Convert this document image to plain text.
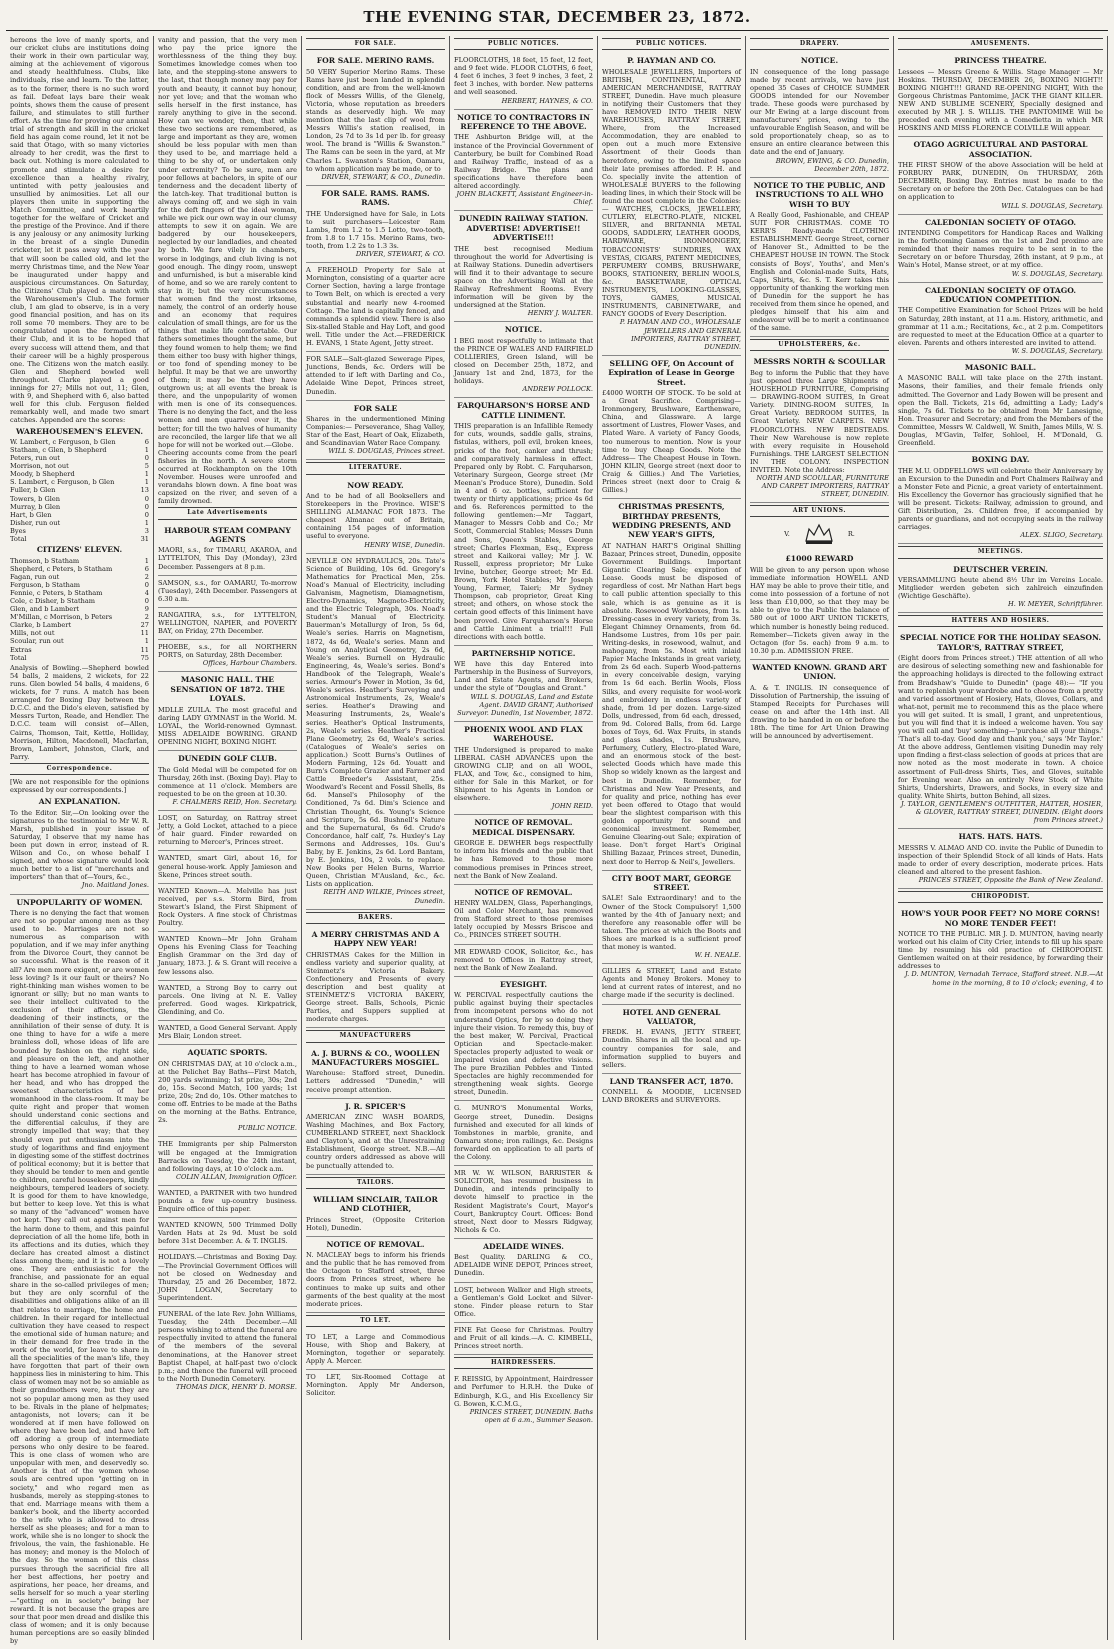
THE EVENING STAR, DECEMBER 23, 1872.
hereons the love of manly sports, and our cricket clubs are institutions doing their work in their own particular way, aiming at the achievement of vigorous and steady healthfulness. Clubs, like individuals, rise and learn. To the latter, as to the former, there is no such word as fail. Defeat lays bare their weak points, shows them the cause of present failure, and stimulates to still further effort. As the time for proving our annual trial of strength and skill in the cricket field has again come round, let it not be said that Otago, with so many victories already to her credit, was the first to back out. Nothing is more calculated to promote and stimulate a desire for excellence than a healthy rivalry, untinted with petty jealousies and unsullied by animosities. Let all our players then unite in supporting the Match Committee, and work heartily together for the welfare of Cricket and the prestige of the Province. And if there is any jealousy or any animosity lurking in the breast of a single Dunedin cricketer, let it pass away with the year that will soon be called old, and let the merry Christmas time, and the New Year be inaugurated under happy and auspicious circumstances. On Saturday, the Citizens' Club played a match with the Warehousemen's Club. The former club, I am glad to observe, is in a very good financial position, and has on its roll some 70 members. They are to be congratulated upon the formation of their Club, and it is to be hoped that every success will attend them, and that their career will be a highly prosperous one. The Citizens won the match easily. Glen and Shepherd bowled well throughout. Clarke played a good innings for 27; Mills not out, 11; Glen, with 9, and Shepherd with 6, also batted well for this club. Ferguson fielded remarkably well, and made two smart catches. Appended are the scores:
WAREHOUSEMEN'S ELEVEN.
W. Lambert, c Ferguson, b Glen	6
Statham, c Glen, b Shepherd	1
Peters, run out	0
Morrison, not out	5
Moody, b Shepherd	1
S. Lambert, c Ferguson, b Glen	1
Fuller, b Glen	13
Towers, b Glen	0
Murray, b Glen	0
Hart, b Glen	0
Disher, run out	1
Byes	3
Total	31
CITIZENS' ELEVEN.
Thomson, b Statham	1
Shepherd, c Peters, b Statham	6
Fagan, run out	2
Ferguson, b Statham	0
Fennie, c Peters, b Statham	4
Cole, c Disher, b Statham	0
Glen, and b Lambert	9
M'Millan, c Morrison, b Peters	2
Clarke, b Lambert	27
Mills, not out	11
Scoular, run out	1
Extras	11
Total	75
Analysis of Bowling.—Shepherd bowled 54 balls, 2 maidens, 2 wickets, for 22 runs. Glen bowled 54 balls, 4 maidens, 6 wickets, for 7 runs. A match has been arranged for Boxing Day between the D.C.C. and the Dido's eleven, satisfied by Messrs Turton, Reade, and Hendler. The D.C.C. team will consist of—Allen, Cairns, Thomson, Tait, Kettle, Holliday, Morrison, Hilton, Macdonell, Macfarlan, Brown, Lambert, Johnston, Clark, and Parry.
Correspondence.
[We are not responsible for the opinions expressed by our correspondents.]
AN EXPLANATION.
To the Editor. Sir,—On looking over the signatures to the testimonial to Mr W. R. Marsh, published in your issue of Saturday, I observe that my name has been put down in error, instead of R. Wilson and Co., on whose behalf I signed, and whose signature would look much better to a list of "merchants and importers" than that of—Yours, &c.,
Jno. Maitland Jones.
UNPOPULARITY OF WOMEN.
There is no denying the fact that women are not so popular among men as they used to be. Marriages are not so numerous as comparison with population, and if we may infer anything from the Divorce Court, they cannot be so successful. What is the reason of it all? Are men more exigent, or are women less loving? Is it our fault or theirs? No right-thinking man wishes women to be ignorant or silly; but no man wants to see their intellect cultivated to the exclusion of their affections, the deadening of their instincts, or the annihilation of their sense of duty. It is one thing to have for a wife a mere brainless doll, whose ideas of life are bounded by fashion on the right side, and pleasure on the left, and another thing to have a learned woman whose heart has become atrophied in favour of her head, and who has dropped the sweetest characteristics of her womanhood in the class-room. It may be quite right and proper that women should understand conic sections and the differential calculus, if they are strongly impelled that way; that they should even put enthusiasm into the study of logarithms and find enjoyment in digesting some of the stiffest doctrines of political economy; but it is better that they should be tender to men and gentle to children, careful housekeepers, kindly neighbours, tempered leaders of society. It is good for them to have knowledge, but better to keep love. Yet this is what so many of the "advanced" women have not kept. They call out against men for the harm done to them, and this painful depreciation of all the home life, both in its affections and its duties, which they declare has created almost a distinct class among them; and it is not a lovely one. They are enthusiastic for the franchise, and passionate for an equal share in the so-called privileges of men; but they are only scornful of the disabilities and obligations alike of an ill that relates to marriage, the home and children. In their regard for intellectual cultivation they have ceased to respect the emotional side of human nature; and in their demand for free trade in the work of the world, for leave to share in all the specialities of the man's life, they have forgotten that part of their own happiness lies in ministering to him. This class of women may not be so amiable as their grandmothers were, but they are not so popular among men as they used to be. Rivals in the plane of helpmates; antagonists, not lovers; can it be wondered at if men have followed on where they have been led, and have left off adoring a group of intermediate persons who only desire to be feared. This is one class of women who are unpopular with men, and deservedly so. Another is that of the women whose souls are centred upon "getting on in society," and who regard men as husbands, merely as stepping-stones to that end. Marriage means with them a banker's book, and the liberty accorded to the wife who is allowed to dress herself as she pleases; and for a man to work, while she is no longer to shock the frivolous, the vain, the fashionable. He has money; and money is the Moloch of the day. So the woman of this class pursues through the sacrificial fire all her best affections, her poetry and aspirations, her peace, her dreams, and sells herself for so much a year sterling—"getting on in society" being her reward. It is not because the grapes are sour that poor men dread and dislike this class of women; and it is only because human perceptions are so easily blinded by
vanity and passion, that the very men who pay the price ignore the worthlessness of the thing they buy. Sometimes knowledge comes when too late, and the stepping-stone answers to the last, that though money may pay for youth and beauty, it cannot buy honour, nor yet love; and that the woman who sells herself in the first instance, has rarely anything to give in the second. How can we wonder, then, that while these two sections are remembered, as large and important as they are, women should be less popular with men than they used to be, and marriage held a thing to be shy of, or undertaken only under extremity? To be sure, men are poor fellows at bachelors, in spite of our tenderness and the decadent liberty of the latch-key. That traditional button is always coming off, and we sigh in vain for the deft fingers of the ideal woman, while we pick our own way in our clumsy attempts to sew it on again. We are badgered by our housekeepers, neglected by our landladies, and cheated by both. We fare vilely in chambers, worse in lodgings, and club living is not good enough. The dingy room, unswept and unfurnished, is but a miserable kind of home, and so we are rarely content to stay in it; but the very circumstances that women find the most irksome, namely, the control of an orderly house and an economy that requires calculation of small things, are for us the things that make life comfortable. Our fathers sometimes thought the same, but they found women to help them; we find them either too busy with higher things, or too fond of spending money to be helpful. It may be that we are unworthy of them; it may be that they have outgrown us; at all events the break is there, and the unpopularity of women with men is one of its consequences. There is no denying the fact, and the less women and men quarrel over it, the better; for till the two halves of humanity are reconciled, the larger life that we all hope for will not be worked out.—Globe.
Cheering accounts come from the pearl fisheries in the north. A severe storm occurred at Rockhampton on the 10th November. Houses were unroofed and verandahs blown down. A fine boat was capsized on the river, and seven of a family drowned.
Late Advertisements
HARBOUR STEAM COMPANY AGENTS
MAORI, s.s., for TIMARU, AKAROA, and LYTTELTON, This Day (Monday), 23rd December. Passengers at 8 p.m.
SAMSON, s.s., for OAMARU, To-morrow (Tuesday), 24th December. Passengers at 6.30 a.m.
RANGATIRA, s.s., for LYTTELTON, WELLINGTON, NAPIER, and POVERTY BAY, on Friday, 27th December.
PHOEBE, s.s., for all NORTHERN PORTS, on Saturday, 28th December.
Offices, Harbour Chambers.
MASONIC HALL. THE SENSATION OF 1872. THE LOYALS.
MDLLE ZUILA. The most graceful and daring LADY GYMNAST in the World. M. LOYAL, the World-renowned Gymnast. MISS ADELAIDE BOWRING. GRAND OPENING NIGHT, BOXING NIGHT.
DUNEDIN GOLF CLUB.
The Gold Medal will be competed for on Thursday, 26th inst. (Boxing Day). Play to commence at 11 o'clock. Members are requested to be on the green at 10.30.
F. CHALMERS REID, Hon. Secretary.
LOST, on Saturday, on Rattray street Jetty, a Gold Locket, attached to a piece of hair guard. Finder rewarded on returning to Mercer's, Princes street.
WANTED, smart Girl, about 16, for general house-work. Apply Jamieson and Skene, Princes street south.
WANTED Known—A. Melville has just received, per s.s. Storm Bird, from Stewart's Island, the First Shipment of Rock Oysters. A fine stock of Christmas Poultry.
WANTED Known—Mr John Graham Opens his Evening Class for Teaching English Grammar on the 3rd day of January, 1873. J. & S. Grant will receive a few lessons also.
WANTED, a Strong Boy to carry out parcels. One living at N. E. Valley preferred. Good wages. Kirkpatrick, Glendining, and Co.
WANTED, a Good General Servant. Apply Mrs Blair, London street.
AQUATIC SPORTS.
ON CHRISTMAS DAY, at 10 o'clock a.m., at the Pelichet Bay Baths—First Match, 200 yards swimming; 1st prize, 30s; 2nd do, 15s. Second Match, 100 yards; 1st prize, 20s; 2nd do, 10s. Other matches to come off. Entries to be made at the Baths on the morning at the Baths. Entrance, 2s.
PUBLIC NOTICE.
THE Immigrants per ship Palmerston will be engaged at the Immigration Barracks on Tuesday, the 24th instant, and following days, at 10 o'clock a.m.
COLIN ALLAN, Immigration Officer.
WANTED, a PARTNER with two hundred pounds a few up-country business. Enquire office of this paper.
WANTED KNOWN, 500 Trimmed Dolly Varden Hats at 2s 9d. Must be sold before 31st December. A. & T. INGLIS.
HOLIDAYS.—Christmas and Boxing Day.—The Provincial Government Offices will not be closed on Wednesday and Thursday, 25 and 26 December, 1872. JOHN LOGAN, Secretary to Superintendent.
FUNERAL of the late Rev. John Williams, Tuesday, the 24th December.—All persons wishing to attend the funeral are respectfully invited to attend the funeral of the members of the several denominations, at the Hanover street Baptist Chapel, at half-past two o'clock p.m.; and thence the funeral will proceed to the North Dunedin Cemetery.
THOMAS DICK, HENRY D. MORSE.
FOR SALE.
FOR SALE. MERINO RAMS.
50 VERY Superior Merino Rams. These Rams have just been landed in splendid condition, and are from the well-known flock of Messrs Willis, of the Glenelg, Victoria, whose reputation as breeders stands as deservedly high. We may mention that the last clip of wool from Messrs Willis's station realised, in London, 2s 7d to 3s 1d per lb. for greasy wool. The brand is "Willis & Swanston." The Rams can be seen in the yard, at Mr Charles L. Swanston's Station, Oamaru, to whom application may be made, or to
DRIVER, STEWART, & CO., Dunedin.
FOR SALE. RAMS. RAMS. RAMS.
THE Undersigned have for Sale, in Lots to suit purchasers—Leicester Ram Lambs, from 1.2 to 1.5 Lotto, two-tooth, from 1.8 to 1.7 15s. Merino Rams, two-tooth, from 1.2 2s to 1.3 3s.
DRIVER, STEWART, & CO.
A FREEHOLD Property for Sale at Mornington, consisting of a quarter acre Corner Section, having a large frontage to Town Belt, on which is erected a very substantial and nearly new 4-roomed Cottage. The land is capitally fenced, and commands a splendid view. There is also Six-stalled Stable and Hay Loft, and good well. Title under the Act.—FREDERICK H. EVANS, 1 State Agent, Jetty street.
FOR SALE—Salt-glazed Sewerage Pipes, Junctions, Bends, &c. Orders will be attended to if left with Darling and Co., Adelaide Wine Depot, Princes street, Dunedin.
FOR SALE
Shares in the undermentioned Mining Companies:— Perseverance, Shag Valley, Star of the East, Heart of Oak, Elizabeth, and Scandinavian Water Race Company.
WILL S. DOUGLAS, Princes street.
LITERATURE.
NOW READY.
And to be had of all Booksellers and Storekeepers in the Province. WISE'S SHILLING ALMANAC FOR 1873. The cheapest Almanac out of Britain, containing 154 pages of information useful to everyone.
HENRY WISE, Dunedin.
NEVILLE ON HYDRAULICS, 20s. Tate's Science of Building, 10s 6d. Gregory's Mathematics for Practical Men, 25s. Noad's Manual of Electricity, including Galvanism, Magnetism, Diamagnetism, Electro-Dynamics, Magneto-Electricity, and the Electric Telegraph, 30s. Noad's Student's Manual of Electricity. Bauerman's Metallurgy of Iron, 5s 6d, Weale's series. Harris on Magnetism, 1872, 4s 6d, Weale's series. Mann and Young on Analytical Geometry, 2s 6d, Weale's series. Burnell on Hydraulic Engineering, 4s, Weale's series. Bond's Handbook of the Telegraph, Weale's series. Armour's Power in Motion, 3s 6d, Weale's series. Heather's Surveying and Astronomical Instruments, 2s, Weale's series. Heather's Drawing and Measuring Instruments, 2s, Weale's series. Heather's Optical Instruments, 2s, Weale's series. Heather's Practical Plane Geometry, 2s 6d, Weale's series. (Catalogues of Weale's series on application.) Scott Burns's Outlines of Modern Farming, 12s 6d. Youatt and Burn's Complete Grazier and Farmer and Cattle Breeder's Assistant, 25s. Woodward's Recent and Fossil Shells, 8s 6d. Mansel's Philosophy of the Conditioned, 7s 6d. Dim's Science and Christian Thought, 6s. Young's Science and Scripture, 5s 6d. Bushnell's Nature and the Supernatural, 6s 6d. Crudo's Concordance, half calf, 7s. Huxley's Lay Sermons and Addresses, 10s. Guu's Baby, by E. Jenkins, 2s 6d. Lord Bantam, by E. Jenkins, 10s, 2 vols. to replace. New Books per Helen Burns, Warrior Queen, Christian M'Ausland, &c., &c. Lists on application.
REITH AND WILKIE, Princes street, Dunedin.
BAKERS.
A MERRY CHRISTMAS AND A HAPPY NEW YEAR!
CHRISTMAS Cakes for the Million in endless variety and superior quality, at Steinmetz's Victoria Bakery. Confectionery and Presents of every description and best quality at STEINMETZ'S VICTORIA BAKERY, George street. Balls, Schools, Picnic Parties, and Suppers supplied at moderate charges.
MANUFACTURERS
A. J. BURNS & CO., WOOLLEN MANUFACTURERS MOSGIEL.
Warehouse: Stafford street, Dunedin. Letters addressed "Dunedin," will receive prompt attention.
J. R. SPICER'S
AMERICAN ZINC WASH BOARDS, Washing Machines, and Box Factory, CUMBERLAND STREET, next Shacklock and Clayton's, and at the Unrestraining Establishment, George street. N.B.—All country orders addressed as above will be punctually attended to.
TAILORS.
WILLIAM SINCLAIR, TAILOR AND CLOTHIER,
Princes Street, (Opposite Criterion Hotel), Dunedin.
NOTICE OF REMOVAL.
N. MACLEAY begs to inform his friends and the public that he has removed from the Octagon to Stafford street, three doors from Princes street, where he continues to make up suits and other garments of the best quality at the most moderate prices.
TO LET.
TO LET, a Large and Commodious House, with Shop and Bakery, at Mornington, together or separately. Apply A. Mercer.
TO LET, Six-Roomed Cottage at Mornington. Apply Mr Anderson, Solicitor.
PUBLIC NOTICES.
FLOORCLOTHS, 18 feet, 15 feet, 12 feet, and 9 feet wide. FLOOR CLOTHS, 6 feet, 4 feet 6 inches, 3 feet 9 inches, 3 feet, 2 feet 3 inches, with border. New patterns and well seasoned.
HERBERT, HAYNES, & CO.
NOTICE TO CONTRACTORS IN REFERENCE TO THE ABOVE.
THE Ashburton Bridge will, at the instance of the Provincial Government of Canterbury, be built for Combined Road and Railway Traffic, instead of as a Railway Bridge. The plans and specifications have therefore been altered accordingly.
JOHN BLACKETT, Assistant Engineer-in-Chief.
DUNEDIN RAILWAY STATION. ADVERTISE! ADVERTISE!! ADVERTISE!!!
THE best recognised Medium throughout the world for Advertising is at Railway Stations. Dunedin advertisers will find it to their advantage to secure space on the Advertising Wall at the Railway Refreshment Rooms. Every information will be given by the undersigned at the Station.
HENRY J. WALTER.
NOTICE.
I BEG most respectfully to intimate that the PRINCE OF WALES AND FAIRFIELD COLLIERIES, Green Island, will be closed on December 25th, 1872, and January 1st and 2nd, 1873, for the holidays.
ANDREW POLLOCK.
FARQUHARSON'S HORSE AND CATTLE LINIMENT.
THIS preparation is an Infallible Remedy for cuts, wounds, saddle galls, strains, fistulas, withers, poll evil, broken knees, pricks of the foot, canker and thrush; and comparatively harmless in effect. Prepared only by Robt. C. Farquharson, Veterinary Surgeon, George street (Mr Meenan's Produce Store), Dunedin. Sold in 4 and 6 oz. bottles, sufficient for twenty or thirty applications; price 4s 6d and 6s. References permitted to the following gentlemen:—Mr Taggart, Manager to Messrs Cobb and Co.; Mr Scott, Commercial Stables; Messrs Dunn and Sons, Queen's Stables, George street; Charles Flexman, Esq., Express street and Kaikorai valley; Mr J. W. Russell, express proprietor; Mr Luke Irvine, butcher, George street; Mr Ed. Brown, York Hotel Stables; Mr Joseph Young, Farmer, Taieri; Mr Sydney Thompson, cab proprietor, Great King street; and others, on whose stock the certain good effects of this liniment have been proved. Give Farquharson's Horse and Cattle Liniment a trial!!! Full directions with each bottle.
PARTNERSHIP NOTICE.
WE have this day Entered into Partnership in the Business of Surveyors, Land and Estate Agents, and Brokers, under the style of "Douglas and Grant."
WILL S. DOUGLAS, Land and Estate Agent. DAVID GRANT, Authorised Surveyor. Dunedin, 1st November, 1872.
PHOENIX WOOL AND FLAX WAREHOUSE.
THE Undersigned is prepared to make LIBERAL CASH ADVANCES upon the GROWING CLIP, and on all WOOL, FLAX, and Tow, &c., consigned to him, either for Sale in this Market, or for Shipment to his Agents in London or elsewhere.
JOHN REID.
NOTICE OF REMOVAL. MEDICAL DISPENSARY.
GEORGE E. DEWHER begs respectfully to inform his friends and the public that he has Removed to those more commodious premises in Princes street, next the Bank of New Zealand.
NOTICE OF REMOVAL.
HENRY WALDEN, Glass, Paperhangings, Oil and Color Merchant, has removed from Stafford street to those premises lately occupied by Messrs Briscoe and Co., PRINCES STREET SOUTH.
MR EDWARD COOK, Solicitor, &c., has removed to Offices in Rattray street, next the Bank of New Zealand.
EYESIGHT.
W. PERCIVAL respectfully cautions the public against buying their spectacles from incompetent persons who do not understand Optics, for by so doing they injure their vision. To remedy this, buy of the best maker, W. Percival, Practical Optician and Spectacle-maker. Spectacles properly adjusted to weak or impaired vision and defective visions. The pure Brazilian Pebbles and Tinted Spectacles are highly recommended for strengthening weak sights. George street, Dunedin.
G. MUNRO'S Monumental Works, George street, Dunedin. Designs furnished and executed for all kinds of Tombstones in marble, granite, and Oamaru stone; iron railings, &c. Designs forwarded on application to all parts of the Colony.
MR W. W. WILSON, BARRISTER & SOLICITOR, has resumed business in Dunedin, and intends principally to devote himself to practice in the Resident Magistrate's Court, Mayor's Court, Bankruptcy Court. Offices: Bond street, Next door to Messrs Ridgway, Nichols & Co.
ADELAIDE WINES.
Best Quality. DARLING & CO., ADELAIDE WINE DEPOT, Princes street, Dunedin.
LOST, between Walker and High streets, a Gentleman's Gold Locket and Silver-stone. Finder please return to Star Office.
FINE Fat Geese for Christmas. Poultry and Fruit of all kinds.—A. C. KIMBELL, Princes street north.
HAIRDRESSERS.
F. REISSIG, by Appointment, Hairdresser and Perfumer to H.R.H. the Duke of Edinburgh, K.G., and His Excellency Sir G. Bowen, K.C.M.G.,
PRINCES STREET, DUNEDIN. Baths open at 6 a.m., Summer Season.
PUBLIC NOTICES.
P. HAYMAN AND CO.
WHOLESALE JEWELLERS, Importers of BRITISH, CONTINENTAL, AND AMERICAN MERCHANDISE, RATTRAY STREET, Dunedin. Have much pleasure in notifying their Customers that they have REMOVED INTO THEIR NEW WAREHOUSES, RATTRAY STREET, Where, from the Increased Accommodation, they are enabled to open out a much more Extensive Assortment of their Goods than heretofore, owing to the limited space their late premises afforded. P. H. and Co. specially invite the attention of WHOLESALE BUYERS to the following leading lines, in which their Stock will be found the most complete in the Colonies:— WATCHES, CLOCKS, JEWELLERY, CUTLERY, ELECTRO-PLATE, NICKEL SILVER, and BRITANNIA METAL GOODS, SADDLERY, LEATHER GOODS, HARDWARE, IRONMONGERY, TOBACCONISTS' SUNDRIES, WAX VESTAS, CIGARS, PATENT MEDICINES, PERFUMERY COMBS, BRUSHWARE, BOOKS, STATIONERY, BERLIN WOOLS, &c. BASKETWARE, OPTICAL INSTRUMENTS, LOOKING-GLASSES, TOYS, GAMES, MUSICAL INSTRUMENTS, CABINETWARE, and FANCY GOODS of Every Description.
P. HAYMAN AND CO., WHOLESALE JEWELLERS AND GENERAL IMPORTERS, RATTRAY STREET, DUNEDIN.
SELLING OFF, On Account of Expiration of Lease in George Street.
£4000 WORTH OF STOCK. To be sold at a Great Sacrifice. Comprising— Ironmongery, Brushware, Earthenware, China, and Glassware. A large assortment of Lustres, Flower Vases, and Plated Ware. A variety of Fancy Goods, too numerous to mention. Now is your time to buy Cheap Goods. Note the Address— The Cheapest House in Town. JOHN KILIN, George street (next door to Craig & Gillies.) And The Varieties, Princes street (next door to Craig & Gillies.)
CHRISTMAS PRESENTS, BIRTHDAY PRESENTS, WEDDING PRESENTS, AND NEW YEAR'S GIFTS,
AT NATHAN HART'S Original Shilling Bazaar, Princes street, Dunedin, opposite Government Buildings. Important Gigantic Clearing Sale; expiration of Lease. Goods must be disposed of regardless of cost. Mr Nathan Hart begs to call public attention specially to this sale, which is as genuine as it is absolute. Rosewood Workboxes, from 1s. Dressing-cases in every variety, from 3s. Elegant Chimney Ornaments, from 6d. Handsome Lustres, from 10s per pair. Writing-desks, in rosewood, walnut, and mahogany, from 5s. Most with inlaid Papier Mache Inkstands in great variety, from 2s 6d each. Superb Wood-patterns in every conceivable design, varying from 1s 6d each. Berlin Wools, Floss Silks, and every requisite for wool-work and embroidery in endless variety of shade, from 1d per dozen. Large-sized Dolls, undressed, from 6d each, dressed, from 9d. Colored Balls, from 6d. Large boxes of Toys, 6d. Wax Fruits, in stands and glass shades, 1s. Brushware, Perfumery, Cutlery, Electro-plated Ware, and an enormous stock of the best-selected Goods which have made this Shop so widely known as the largest and best in Dunedin. Remember, for Christmas and New Year Presents, and for quality and price, nothing has ever yet been offered to Otago that would bear the slightest comparison with this golden opportunity for sound and economical investment. Remember, Genuine Clearing-out Sale; expiration of lease. Don't forget Hart's Original Shilling Bazaar, Princes street, Dunedin, next door to Herrop & Neil's, Jewellers.
CITY BOOT MART, GEORGE STREET.
SALE! Sale Extraordinary! and to the Owner of the Stock Compulsory! 1,500 wanted by the 4th of January next; and therefore any reasonable offer will be taken. The prices at which the Boots and Shoes are marked is a sufficient proof that money is wanted.
W. H. NEALE.
GILLIES & STREET, Land and Estate Agents and Money Brokers. Money to lend at current rates of interest, and no charge made if the security is declined.
HOTEL AND GENERAL VALUATOR,
FREDK. H. EVANS, JETTY STREET, Dunedin. Shares in all the local and up-country companies for sale, and information supplied to buyers and sellers.
LAND TRANSFER ACT, 1870.
CONNELL & MOODIE, LICENSED LAND BROKERS and SURVEYORS.
DRAPERY.
NOTICE.
IN consequence of the long passage made by recent arrivals, we have just opened 35 Cases of CHOICE SUMMER GOODS intended for our November trade. These goods were purchased by our Mr Ewing at a large discount from manufacturers' prices, owing to the unfavourable English Season, and will be sold proportionately cheap, so as to ensure an entire clearance between this date and the end of January.
BROWN, EWING, & CO. Dunedin, December 20th, 1872.
NOTICE TO THE PUBLIC, AND INSTRUCTIONS TO ALL WHO WISH TO BUY
A Really Good, Fashionable, and CHEAP SUIT FOR CHRISTMAS. COME TO KERR'S Ready-made CLOTHING ESTABLISHMENT. George Street, corner of Hanover St., Admitted to be the CHEAPEST HOUSE IN TOWN. The Stock consists of Boys', Youths', and Men's English and Colonial-made Suits, Hats, Caps, Shirts, &c. S. T. Kerr takes this opportunity of thanking the working men of Dunedin for the support he has received from them since he opened, and pledges himself that his aim and endeavour will be to merit a continuance of the same.
UPHOLSTERERS, &c.
MESSRS NORTH & SCOULLAR
Beg to inform the Public that they have just opened three Large Shipments of HOUSEHOLD FURNITURE, Comprising— DRAWING-ROOM SUITES, In Great Variety. DINING-ROOM SUITES, In Great Variety. BEDROOM SUITES, In Great Variety. NEW CARPETS. NEW FLOORCLOTHS. NEW BEDSTEADS. Their New Warehouse is now replete with every requisite in Household Furnishings. THE LARGEST SELECTION IN THE COLONY. INSPECTION INVITED. Note the Address:
NORTH AND SCOULLAR, FURNITURE AND CARPET IMPORTERS, RATTRAY STREET, DUNEDIN.
ART UNIONS.
V.	R.
£1000 REWARD
Will be given to any person upon whose immediate information HOWELL AND HAY may be able to prove their title, and come into possession of a fortune of not less than £10,000, so that they may be able to give to the Public the balance of 580 out of 1000 ART UNION TICKETS, which number is honestly being reduced. Remember—Tickets given away in the Octagon (for 5s. each) from 9 a.m. to 10.30 p.m. ADMISSION FREE.
WANTED KNOWN. GRAND ART UNION.
A. & T. INGLIS. IN consequence of Dissolution of Partnership, the issuing of Stamped Receipts for Purchases will cease on and after the 14th inst. All drawing to be handed in on or before the 18th. The time for Art Union Drawing will be announced by advertisement.
AMUSEMENTS.
PRINCESS THEATRE.
Lessees — Messrs Greene & Willis. Stage Manager — Mr Hoskins. THURSDAY, DECEMBER 26, BOXING NIGHT!! BOXING NIGHT!!! GRAND RE-OPENING NIGHT, With the Gorgeous Christmas Pantomime, JACK THE GIANT KILLER. NEW AND SUBLIME SCENERY, Specially designed and executed by MR J. S. WILLIS. THE PANTOMIME Will be preceded each evening with a Comedietta in which MR HOSKINS AND MISS FLORENCE COLVILLE Will appear.
OTAGO AGRICULTURAL AND PASTORAL ASSOCIATION.
THE FIRST SHOW of the above Association will be held at FORBURY PARK, DUNEDIN, On THURSDAY, 26th DECEMBER, Boxing Day. Entries must be made to the Secretary on or before the 20th Dec. Catalogues can be had on application to
WILL S. DOUGLAS, Secretary.
CALEDONIAN SOCIETY OF OTAGO.
INTENDING Competitors for Handicap Races and Walking in the forthcoming Games on the 1st and 2nd proximo are reminded that their names require to be sent in to the Secretary on or before Thursday, 26th instant, at 9 p.m., at Wain's Hotel, Manse street, or at my office.
W. S. DOUGLAS, Secretary.
CALEDONIAN SOCIETY OF OTAGO. EDUCATION COMPETITION.
THE Competitive Examination for School Prizes will be held on Saturday, 28th instant, at 11 a.m. History, arithmetic, and grammar at 11 a.m.; Recitations, &c., at 2 p.m. Competitors are requested to meet at the Education Office at a quarter to eleven. Parents and others interested are invited to attend.
W. S. DOUGLAS, Secretary.
MASONIC BALL.
A MASONIC BALL will take place on the 27th instant. Masons, their families, and their female friends only admitted. The Governor and Lady Bowen will be present and open the Ball. Tickets, 21s 6d, admitting a Lady; Lady's single, 7s 6d. Tickets to be obtained from Mr Lanesigne, Hon. Treasurer and Secretary; and from the Members of the Committee, Messrs W. Caldwell, W. Smith, James Mills, W. S. Douglas, M'Gavin, Telfer, Sohloel, H. M'Donald, G. Greenfield.
BOXING DAY.
THE M.U. ODDFELLOWS will celebrate their Anniversary by an Excursion to the Dunedin and Port Chalmers Railway and a Monster Fete and Picnic, a great variety of entertainment. His Excellency the Governor has graciously signified that he will be present. Tickets: Railway, admission to ground, and Gift Distribution, 2s. Children free, if accompanied by parents or guardians, and not occupying seats in the railway carriages.
ALEX. SLIGO, Secretary.
MEETINGS.
DEUTSCHER VEREIN.
VERSAMMLUNG heute abend 8½ Uhr im Vereins Locale. Mitglieder werden gebeten sich zahlreich einzufinden (Wichtige Geschäfte).
H. W. MEYER, Schriftführer.
HATTERS AND HOSIERS.
SPECIAL NOTICE FOR THE HOLIDAY SEASON. TAYLOR'S, RATTRAY STREET,
(Eight doors from Princes street.) THE attention of all who are desirous of selecting something new and fashionable for the approaching holidays is directed to the following extract from Bradshaw's "Guide to Dunedin" (page 48):— "If you want to replenish your wardrobe and to choose from a pretty and varied assortment of Hosiery, Hats, Gloves, Collars, and what-not, permit me to recommend this as the place where you will get suited. It is small, I grant, and unpretentious, but you will find that it is indeed a welcome haven. You say you will call and 'buy' something—'purchase all your things.' 'That's all to-day. Good day and thank you,' says 'Mr Taylor.' At the above address, Gentlemen visiting Dunedin may rely upon finding a first-class selection of goods at prices that are now noted as the most moderate in town. A choice assortment of Full-dress Shirts, Ties, and Gloves, suitable for Evening wear. Also an entirely New Stock of White Shirts, Undershirts, Drawers, and Socks, in every size and quality. White Shirts, button Behind, all sizes.
J. TAYLOR, GENTLEMEN'S OUTFITTER, HATTER, HOSIER, & GLOVER, RATTRAY STREET, DUNEDIN. (Eight doors from Princes street.)
HATS. HATS. HATS.
MESSRS V. ALMAO AND CO. invite the Public of Dunedin to inspection of their Splendid Stock of all kinds of Hats. Hats made to order of every description, moderate prices. Hats cleaned and altered to the present fashion.
PRINCES STREET, Opposite the Bank of New Zealand.
CHIROPODIST.
HOW'S YOUR POOR FEET? NO MORE CORNS! NO MORE TENDER FEET!
NOTICE TO THE PUBLIC. MR J. D. MUNTON, having nearly worked out his claim of City Crier, intends to fill up his spare time by resuming his old practice of CHIROPODIST. Gentlemen waited on at their residence, by forwarding their addresses to
J. D. MUNTON, Vernadah Terrace, Stafford street. N.B.—At home in the morning, 8 to 10 o'clock; evening, 4 to
